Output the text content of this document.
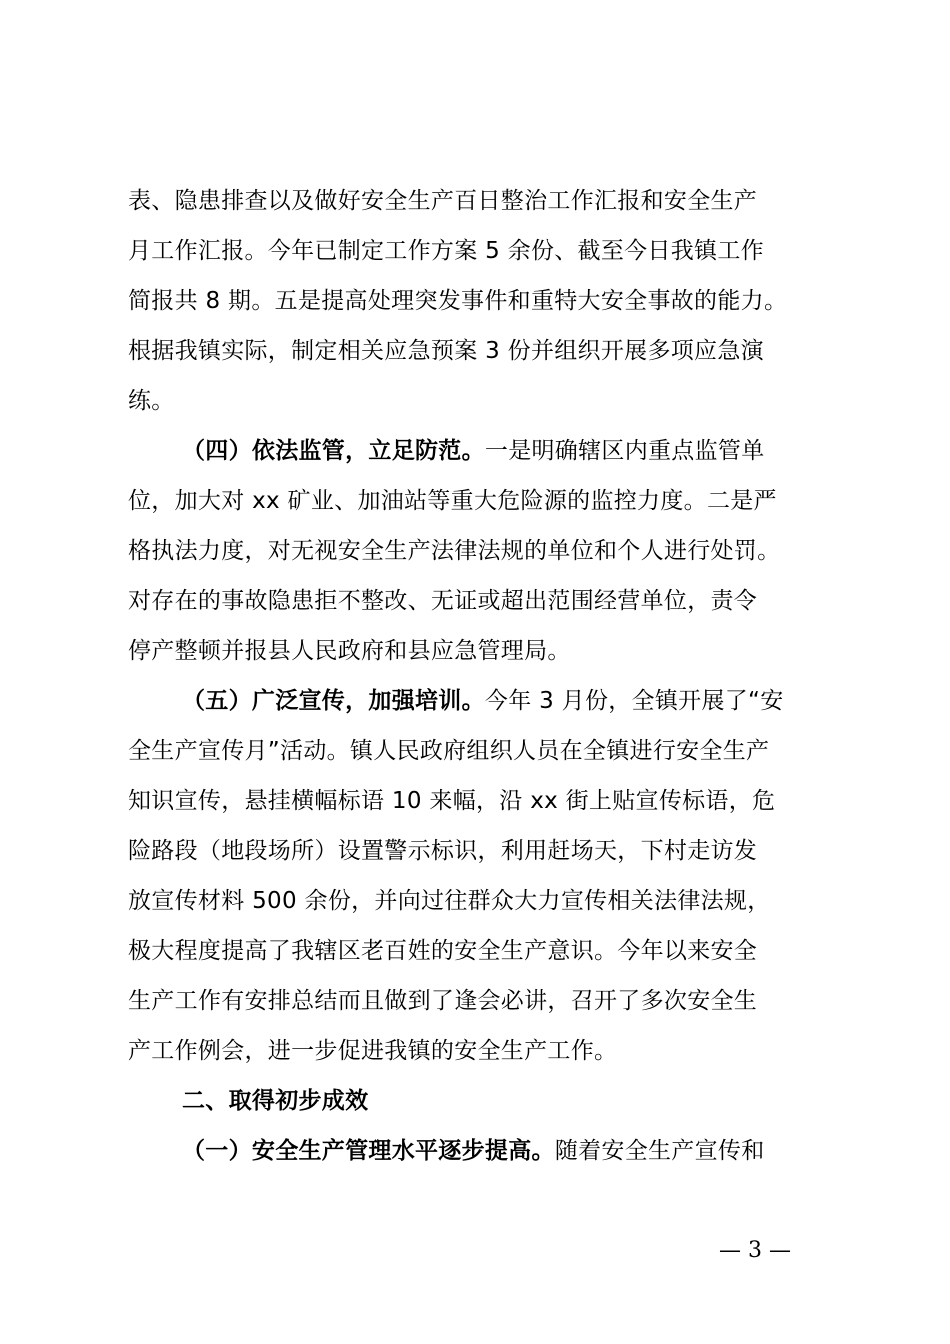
表、隐患排查以及做好安全生产百日整治工作汇报和安全生产
月工作汇报。今年已制定工作方案 5 余份、截至今日我镇工作
简报共 8 期。五是提高处理突发事件和重特大安全事故的能力。
根据我镇实际，制定相关应急预案 3 份并组织开展多项应急演
练。
（四）依法监管，立足防范。一是明确辖区内重点监管单
位，加大对 xx 矿业、加油站等重大危险源的监控力度。二是严
格执法力度，对无视安全生产法律法规的单位和个人进行处罚。
对存在的事故隐患拒不整改、无证或超出范围经营单位，责令
停产整顿并报县人民政府和县应急管理局。
（五）广泛宣传，加强培训。今年 3 月份，全镇开展了“安
全生产宣传月”活动。镇人民政府组织人员在全镇进行安全生产
知识宣传，悬挂横幅标语 10 来幅，沿 xx 街上贴宣传标语，危
险路段（地段场所）设置警示标识，利用赶场天，下村走访发
放宣传材料 500 余份，并向过往群众大力宣传相关法律法规，
极大程度提高了我辖区老百姓的安全生产意识。今年以来安全
生产工作有安排总结而且做到了逢会必讲，召开了多次安全生
产工作例会，进一步促进我镇的安全生产工作。
二、取得初步成效
（一）安全生产管理水平逐步提高。随着安全生产宣传和
— 3 —
